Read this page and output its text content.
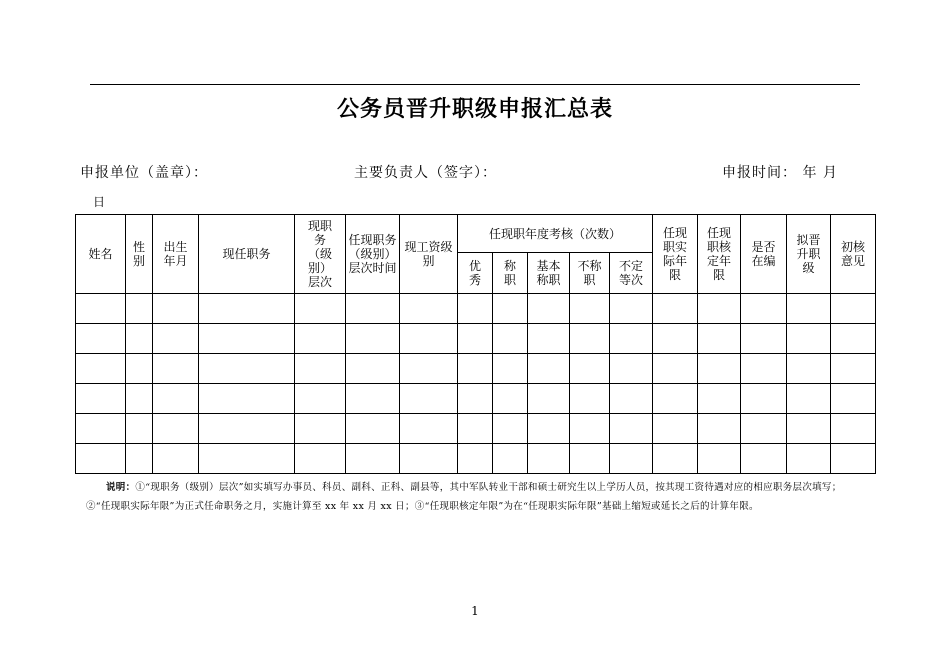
公务员晋升职级申报汇总表
申报单位（盖章）：	主要负责人（签字）：	申报时间： 年 月
日
姓名	性别	出生年月	现任职务	现职务（级别）层次	任现职务（级别）层次时间	现工资级别	任现职年度考核（次数）					任现职实际年限	任现职核定年限	是否在编	拟晋升职级	初核意见
							优秀	称职	基本称职	不称职	不定等次					

说明：①“现职务（级别）层次”如实填写办事员、科员、副科、正科、副县等，其中军队转业干部和硕士研究生以上学历人员，按其现工资待遇对应的相应职务层次填写；②“任现职实际年限”为正式任命职务之月，实施计算至 xx 年 xx 月 xx 日；③“任现职核定年限”为在“任现职实际年限”基础上缩短或延长之后的计算年限。
1
